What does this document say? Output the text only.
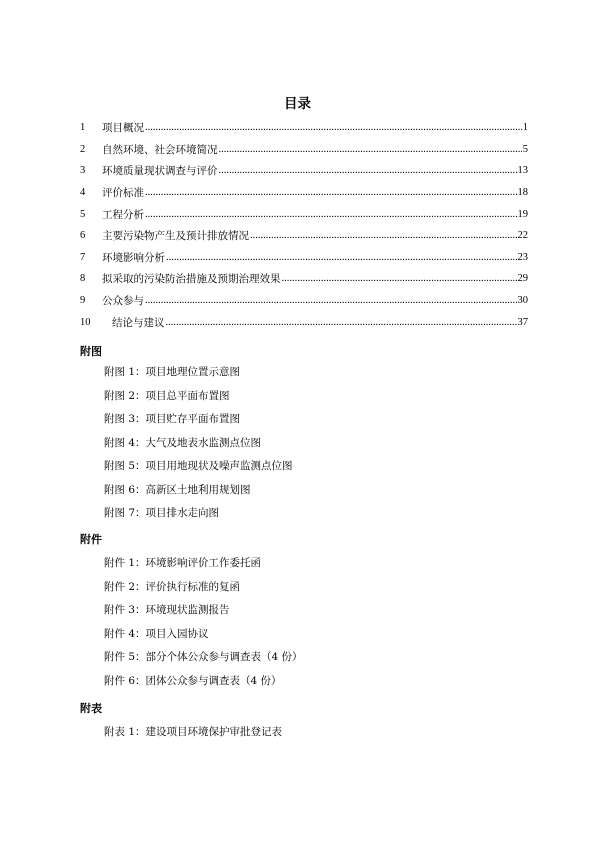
目录
1	项目概况 .....	1
2	自然环境、社会环境简况 .....	5
3	环境质量现状调查与评价 .....	13
4	评价标准 .....	18
5	工程分析 .....	19
6	主要污染物产生及预计排放情况 .....	22
7	环境影响分析 .....	23
8	拟采取的污染防治措施及预期治理效果 .....	29
9	公众参与 .....	30
10	结论与建议 .....	37
附图
附图 1：项目地理位置示意图
附图 2：项目总平面布置图
附图 3：项目贮存平面布置图
附图 4：大气及地表水监测点位图
附图 5：项目用地现状及噪声监测点位图
附图 6：高新区土地利用规划图
附图 7：项目排水走向图
附件
附件 1：环境影响评价工作委托函
附件 2：评价执行标准的复函
附件 3：环境现状监测报告
附件 4：项目入园协议
附件 5：部分个体公众参与调查表（4 份）
附件 6：团体公众参与调查表（4 份）
附表
附表 1：建设项目环境保护审批登记表
